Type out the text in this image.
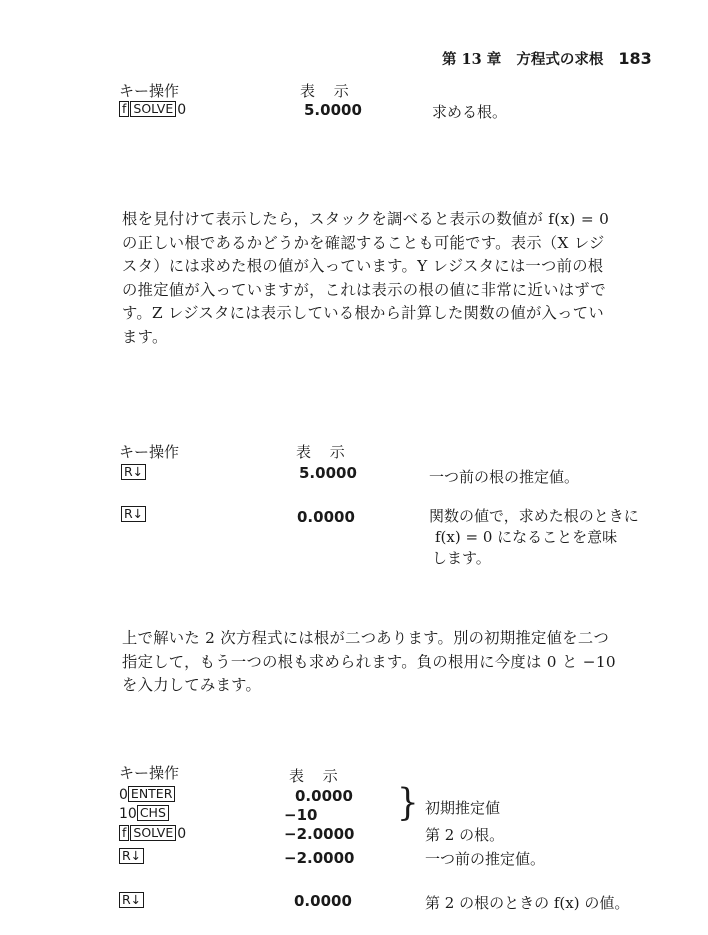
第 13 章 方程式の求根 183
キー操作	表 示
f SOLVE 0	5.0000	求める根。

根を見付けて表示したら，スタックを調べると表示の数値が f(x) = 0

の正しい根であるかどうかを確認することも可能です。表示（X レジ

スタ）には求めた根の値が入っています。Y レジスタには一つ前の根

の推定値が入っていますが，これは表示の根の値に非常に近いはずで

す。Z レジスタには表示している根から計算した関数の値が入ってい

ます。

キー操作	表 示
R↓	5.0000	一つ前の根の推定値。
R↓	0.0000	関数の値で，求めた根のときに
f(x) = 0 になることを意味
します。

上で解いた 2 次方程式には根が二つあります。別の初期推定値を二つ

指定して，もう一つの根も求められます。負の根用に今度は 0 と −10

を入力してみます。

キー操作	表 示
0 ENTER	0.0000
10 CHS	−10 } 初期推定値
f SOLVE 0	−2.0000	第 2 の根。
R↓	−2.0000	一つ前の推定値。
R↓	0.0000	第 2 の根のときの f(x) の値。
